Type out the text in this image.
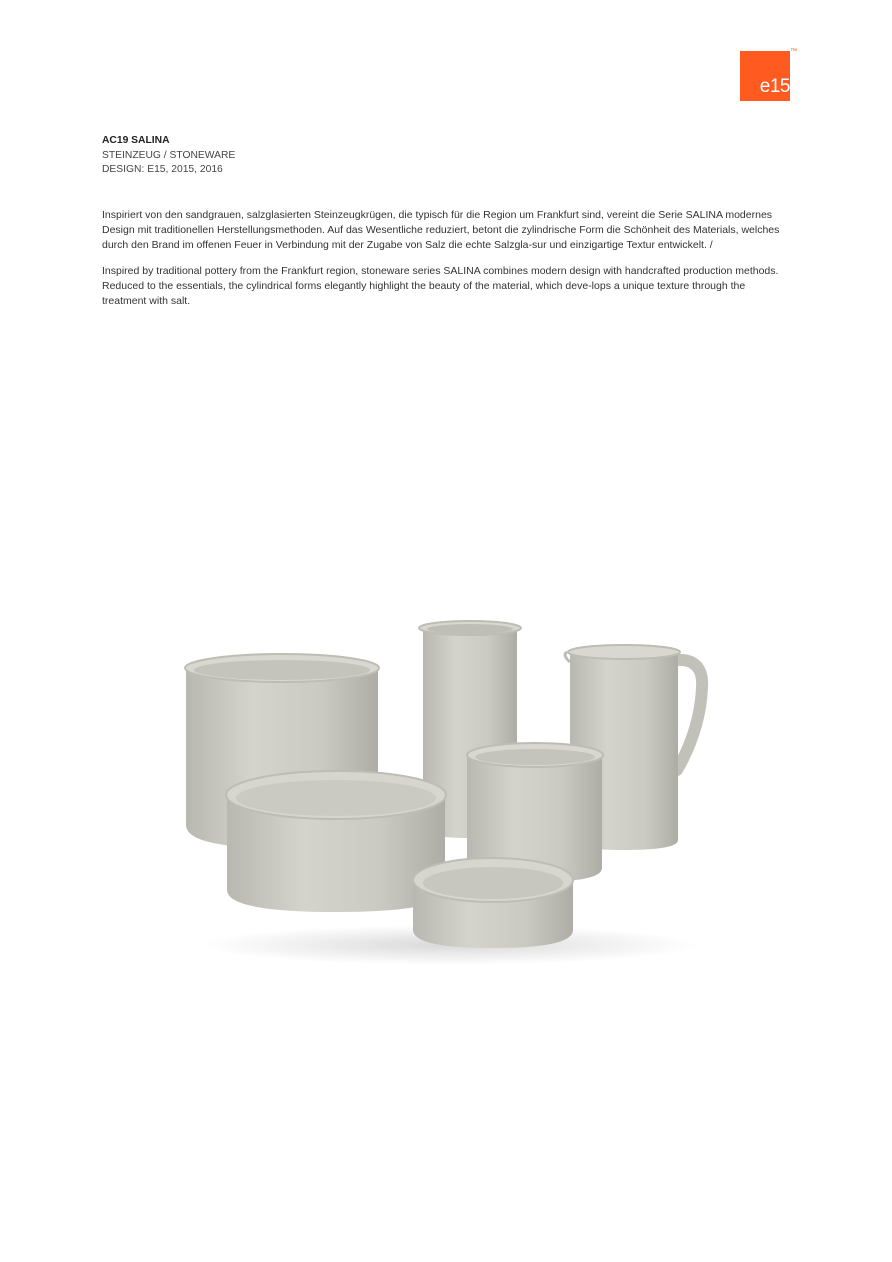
e15
™
AC19 SALINA
STEINZEUG / STONEWARE
DESIGN: E15, 2015, 2016

Inspiriert von den sandgrauen, salzglasierten Steinzeugkrügen, die typisch für die Region um Frankfurt sind, vereint die Serie SALINA modernes Design mit traditionellen Herstellungsmethoden. Auf das Wesentliche reduziert, betont die zylindrische Form die Schönheit des Materials, welches durch den Brand im offenen Feuer in Verbindung mit der Zugabe von Salz die echte Salzgla-sur und einzigartige Textur entwickelt. /

Inspired by traditional pottery from the Frankfurt region, stoneware series SALINA combines modern design with handcrafted production methods. Reduced to the essentials, the cylindrical forms elegantly highlight the beauty of the material, which deve-lops a unique texture through the treatment with salt.
